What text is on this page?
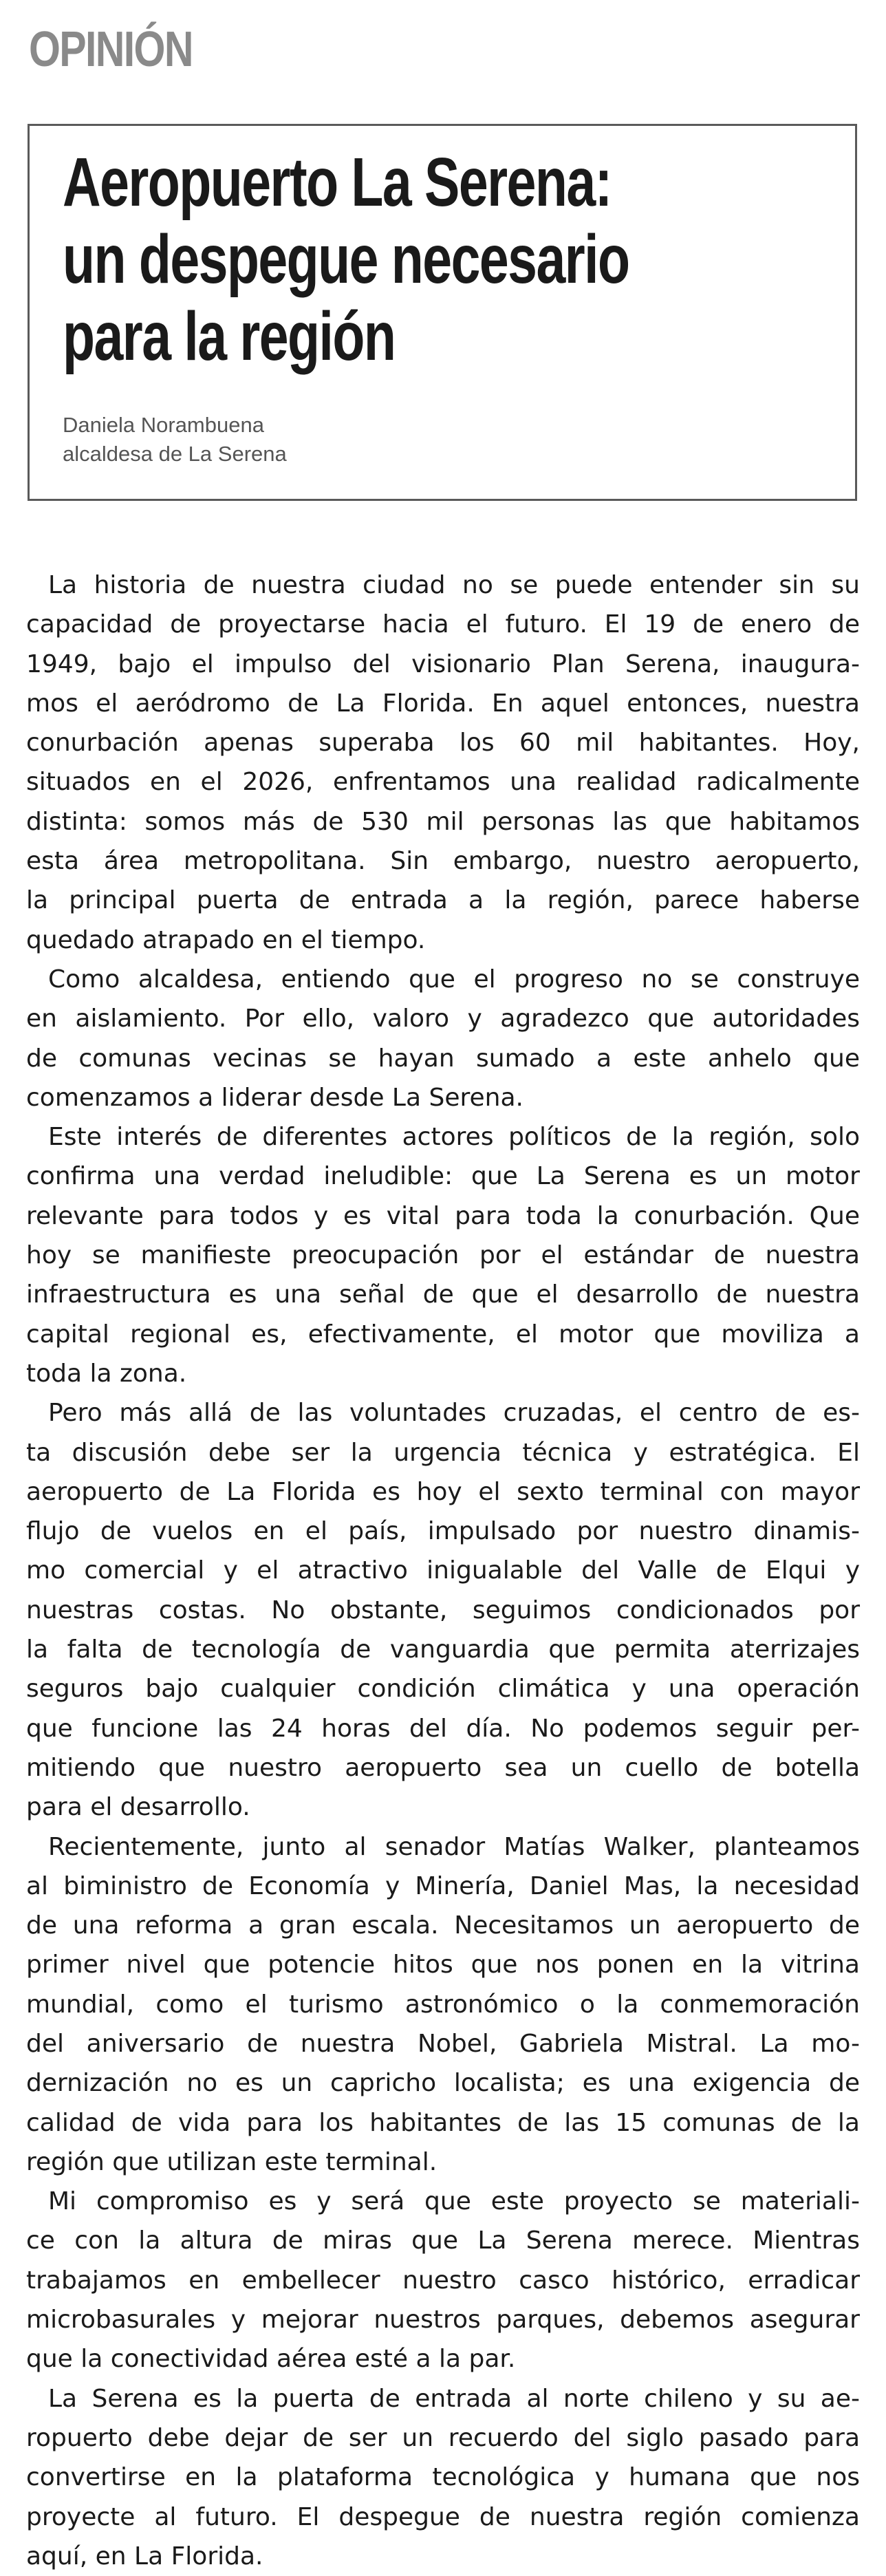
OPINIÓN
Aeropuerto La Serena:
un despegue necesario
para la región
Daniela Norambuena
alcaldesa de La Serena
La historia de nuestra ciudad no se puede entender sin su
capacidad de proyectarse hacia el futuro. El 19 de enero de
1949, bajo el impulso del visionario Plan Serena, inaugura-
mos el aeródromo de La Florida. En aquel entonces, nuestra
conurbación apenas superaba los 60 mil habitantes. Hoy,
situados en el 2026, enfrentamos una realidad radicalmente
distinta: somos más de 530 mil personas las que habitamos
esta área metropolitana. Sin embargo, nuestro aeropuerto,
la principal puerta de entrada a la región, parece haberse
quedado atrapado en el tiempo.
Como alcaldesa, entiendo que el progreso no se construye
en aislamiento. Por ello, valoro y agradezco que autoridades
de comunas vecinas se hayan sumado a este anhelo que
comenzamos a liderar desde La Serena.
Este interés de diferentes actores políticos de la región, solo
confirma una verdad ineludible: que La Serena es un motor
relevante para todos y es vital para toda la conurbación. Que
hoy se manifieste preocupación por el estándar de nuestra
infraestructura es una señal de que el desarrollo de nuestra
capital regional es, efectivamente, el motor que moviliza a
toda la zona.
Pero más allá de las voluntades cruzadas, el centro de es-
ta discusión debe ser la urgencia técnica y estratégica. El
aeropuerto de La Florida es hoy el sexto terminal con mayor
flujo de vuelos en el país, impulsado por nuestro dinamis-
mo comercial y el atractivo inigualable del Valle de Elqui y
nuestras costas. No obstante, seguimos condicionados por
la falta de tecnología de vanguardia que permita aterrizajes
seguros bajo cualquier condición climática y una operación
que funcione las 24 horas del día. No podemos seguir per-
mitiendo que nuestro aeropuerto sea un cuello de botella
para el desarrollo.
Recientemente, junto al senador Matías Walker, planteamos
al biministro de Economía y Minería, Daniel Mas, la necesidad
de una reforma a gran escala. Necesitamos un aeropuerto de
primer nivel que potencie hitos que nos ponen en la vitrina
mundial, como el turismo astronómico o la conmemoración
del aniversario de nuestra Nobel, Gabriela Mistral. La mo-
dernización no es un capricho localista; es una exigencia de
calidad de vida para los habitantes de las 15 comunas de la
región que utilizan este terminal.
Mi compromiso es y será que este proyecto se materiali-
ce con la altura de miras que La Serena merece. Mientras
trabajamos en embellecer nuestro casco histórico, erradicar
microbasurales y mejorar nuestros parques, debemos asegurar
que la conectividad aérea esté a la par.
La Serena es la puerta de entrada al norte chileno y su ae-
ropuerto debe dejar de ser un recuerdo del siglo pasado para
convertirse en la plataforma tecnológica y humana que nos
proyecte al futuro. El despegue de nuestra región comienza
aquí, en La Florida.
